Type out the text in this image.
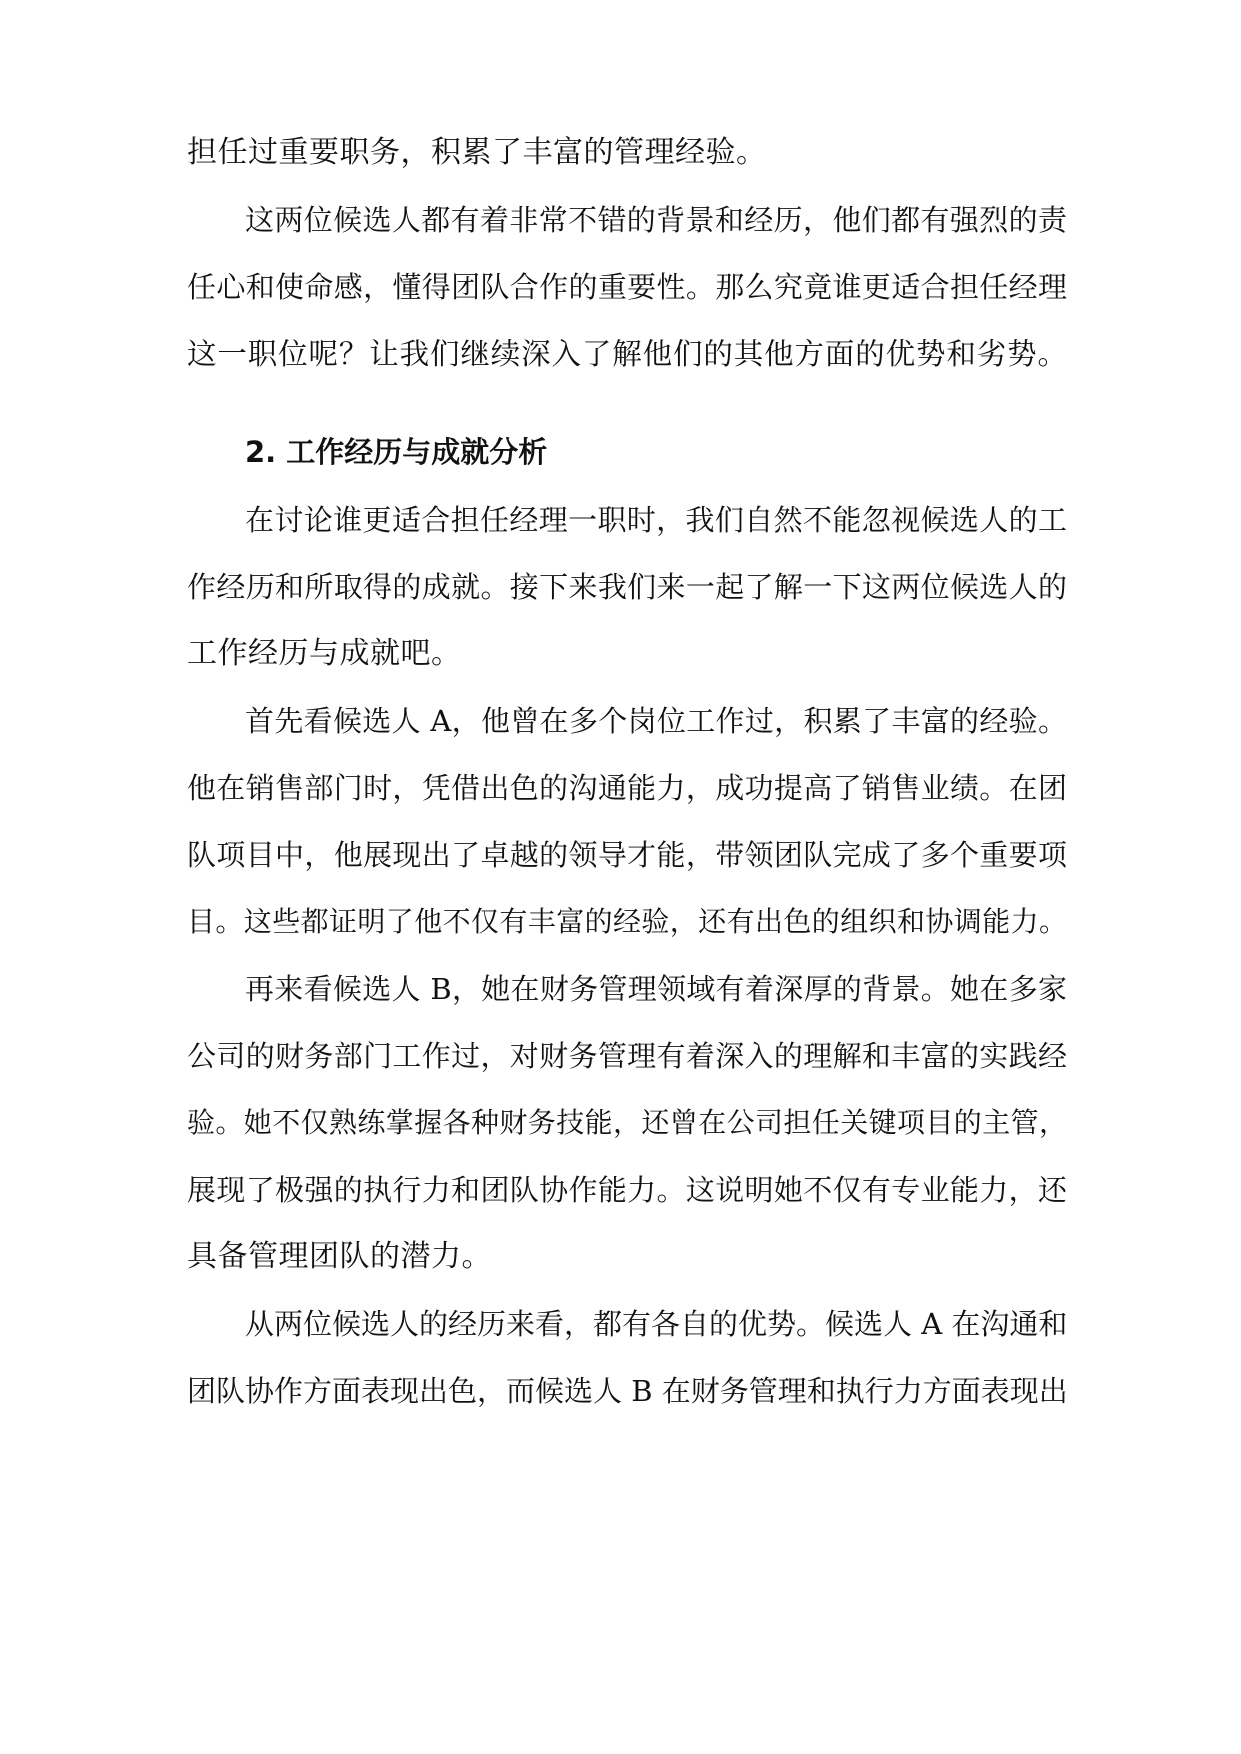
担任过重要职务，积累了丰富的管理经验。
这两位候选人都有着非常不错的背景和经历，他们都有强烈的责
任心和使命感，懂得团队合作的重要性。那么究竟谁更适合担任经理
这一职位呢？让我们继续深入了解他们的其他方面的优势和劣势。
2. 工作经历与成就分析
在讨论谁更适合担任经理一职时，我们自然不能忽视候选人的工
作经历和所取得的成就。接下来我们来一起了解一下这两位候选人的
工作经历与成就吧。
首先看候选人 A，他曾在多个岗位工作过，积累了丰富的经验。
他在销售部门时，凭借出色的沟通能力，成功提高了销售业绩。在团
队项目中，他展现出了卓越的领导才能，带领团队完成了多个重要项
目。这些都证明了他不仅有丰富的经验，还有出色的组织和协调能力。
再来看候选人 B，她在财务管理领域有着深厚的背景。她在多家
公司的财务部门工作过，对财务管理有着深入的理解和丰富的实践经
验。她不仅熟练掌握各种财务技能，还曾在公司担任关键项目的主管，
展现了极强的执行力和团队协作能力。这说明她不仅有专业能力，还
具备管理团队的潜力。
从两位候选人的经历来看，都有各自的优势。候选人 A 在沟通和
团队协作方面表现出色，而候选人 B 在财务管理和执行力方面表现出
